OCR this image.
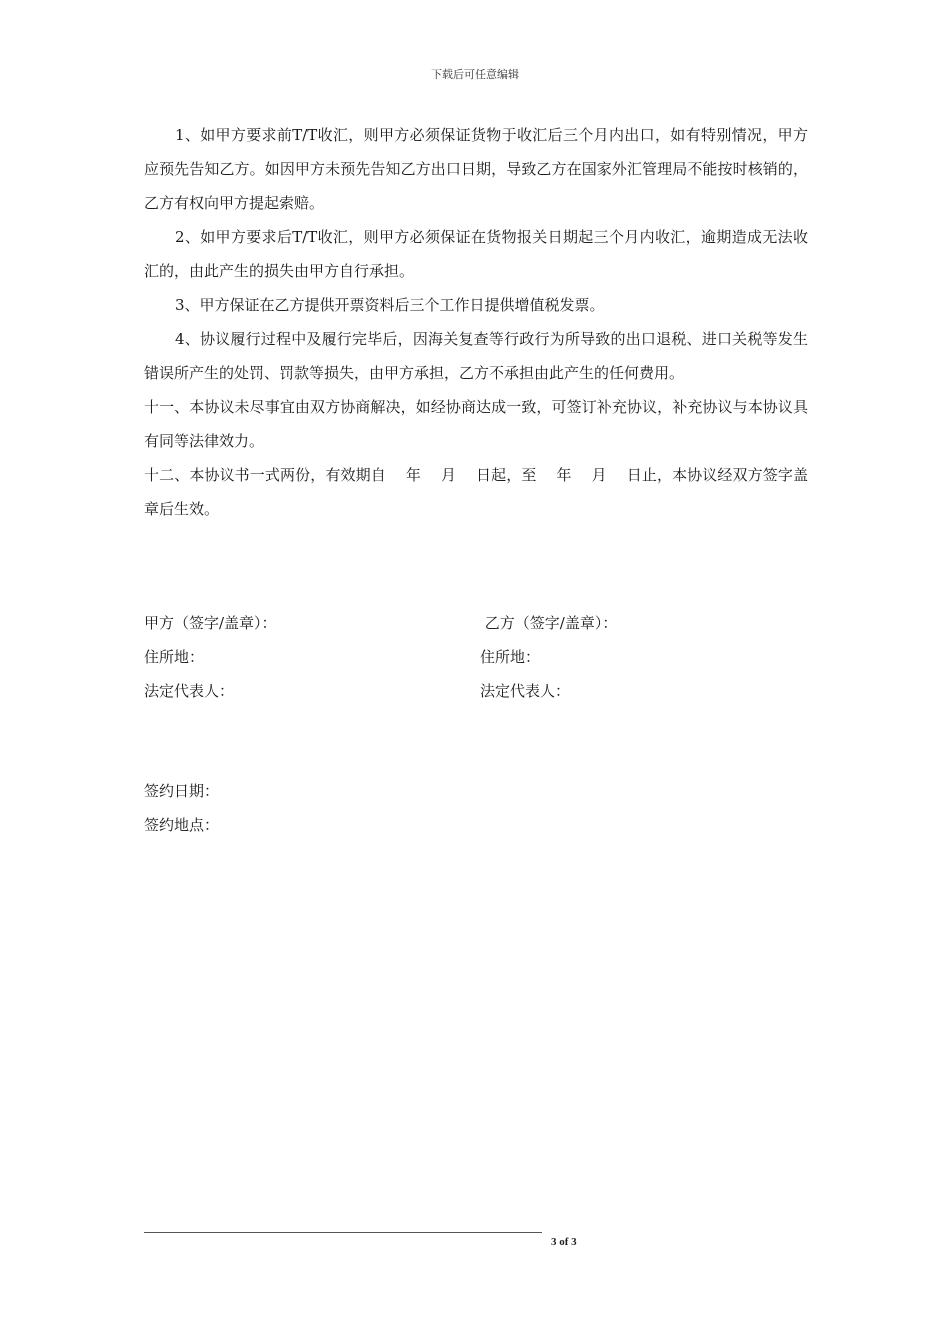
下载后可任意编辑

1、如甲方要求前T/T收汇，则甲方必须保证货物于收汇后三个月内出口，如有特别情况，甲方应预先告知乙方。如因甲方未预先告知乙方出口日期，导致乙方在国家外汇管理局不能按时核销的，乙方有权向甲方提起索赔。

2、如甲方要求后T/T收汇，则甲方必须保证在货物报关日期起三个月内收汇，逾期造成无法收汇的，由此产生的损失由甲方自行承担。

3、甲方保证在乙方提供开票资料后三个工作日提供增值税发票。

4、协议履行过程中及履行完毕后，因海关复查等行政行为所导致的出口退税、进口关税等发生错误所产生的处罚、罚款等损失，由甲方承担，乙方不承担由此产生的任何费用。

十一、本协议未尽事宜由双方协商解决，如经协商达成一致，可签订补充协议，补充协议与本协议具有同等法律效力。

十二、本协议书一式两份，有效期自　 年 　月 　日起，至 　年 　月 　日止，本协议经双方签字盖章后生效。

甲方（签字/盖章）：	乙方（签字/盖章）：
住所地：	住所地：
法定代表人：	法定代表人：
签约日期：
签约地点：
3 of 3
